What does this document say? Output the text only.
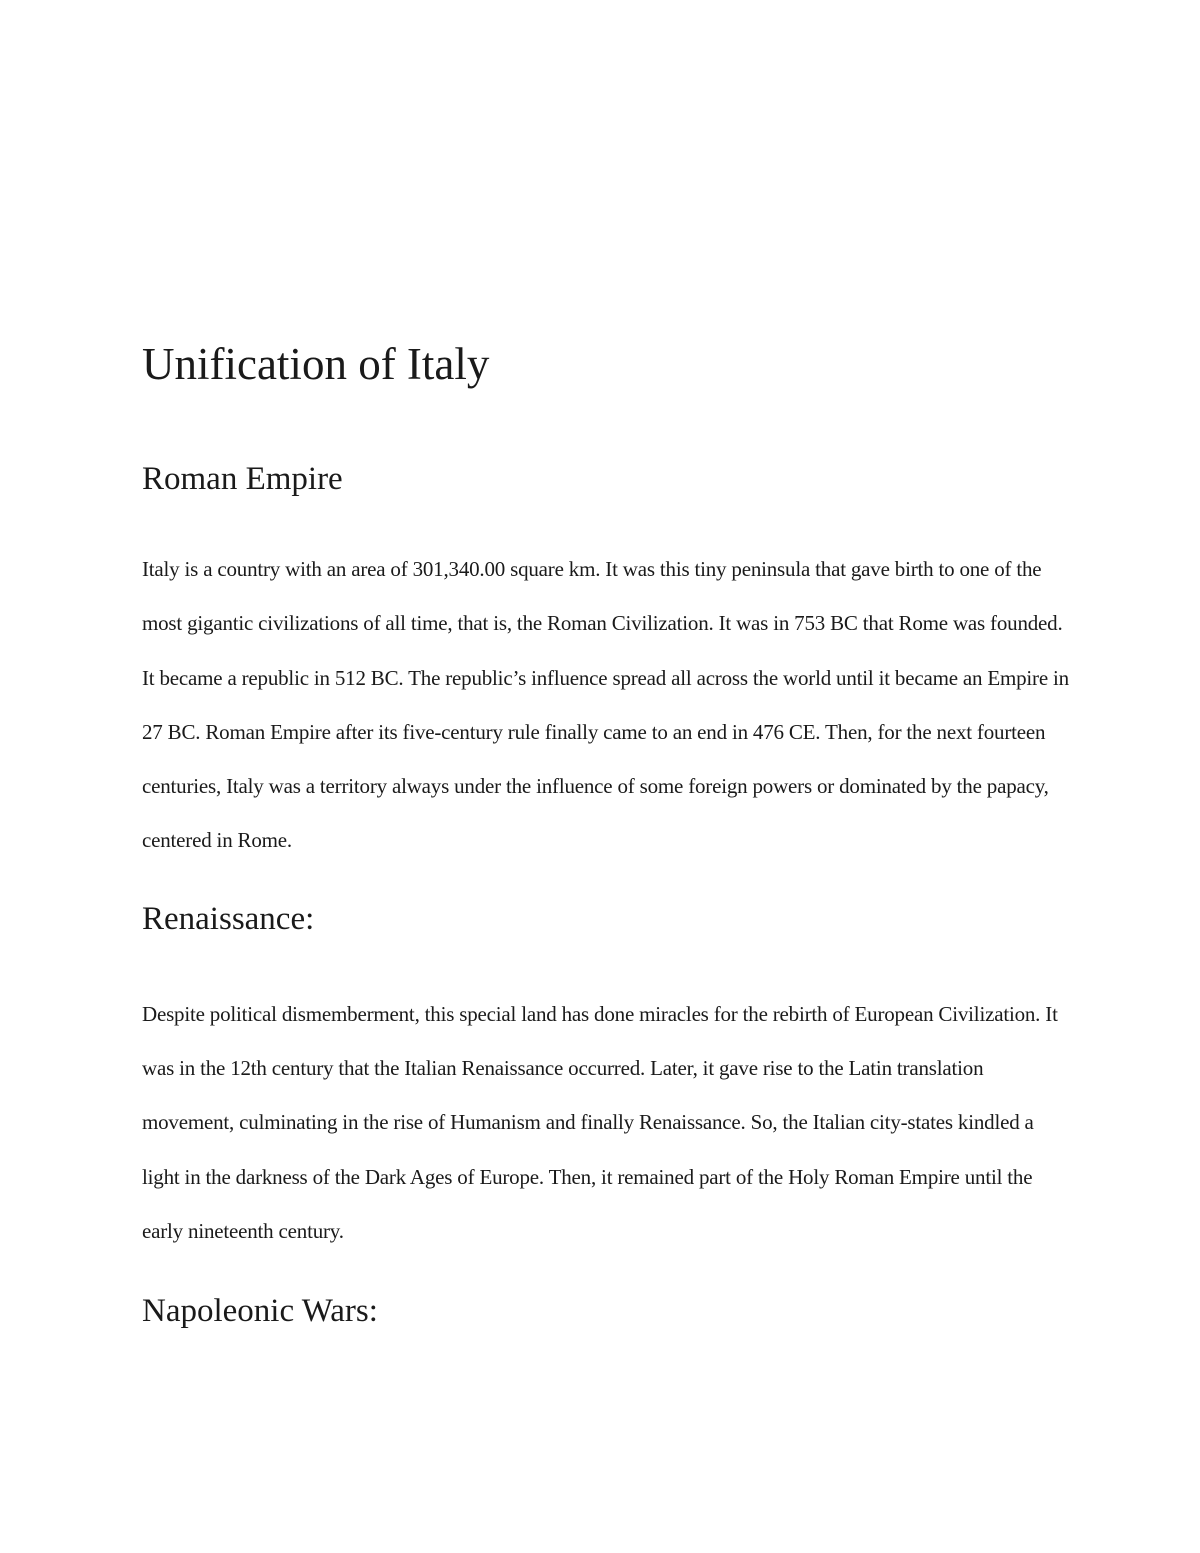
Unification of Italy
Roman Empire

Italy is a country with an area of 301,340.00 square km. It was this tiny peninsula that gave birth to one of the most gigantic civilizations of all time, that is, the Roman Civilization. It was in 753 BC that Rome was founded. It became a republic in 512 BC. The republic’s influence spread all across the world until it became an Empire in 27 BC. Roman Empire after its five-century rule finally came to an end in 476 CE. Then, for the next fourteen centuries, Italy was a territory always under the influence of some foreign powers or dominated by the papacy, centered in Rome.

Renaissance:

Despite political dismemberment, this special land has done miracles for the rebirth of European Civilization. It was in the 12th century that the Italian Renaissance occurred. Later, it gave rise to the Latin translation movement, culminating in the rise of Humanism and finally Renaissance. So, the Italian city-states kindled a light in the darkness of the Dark Ages of Europe. Then, it remained part of the Holy Roman Empire until the early nineteenth century.

Napoleonic Wars:
